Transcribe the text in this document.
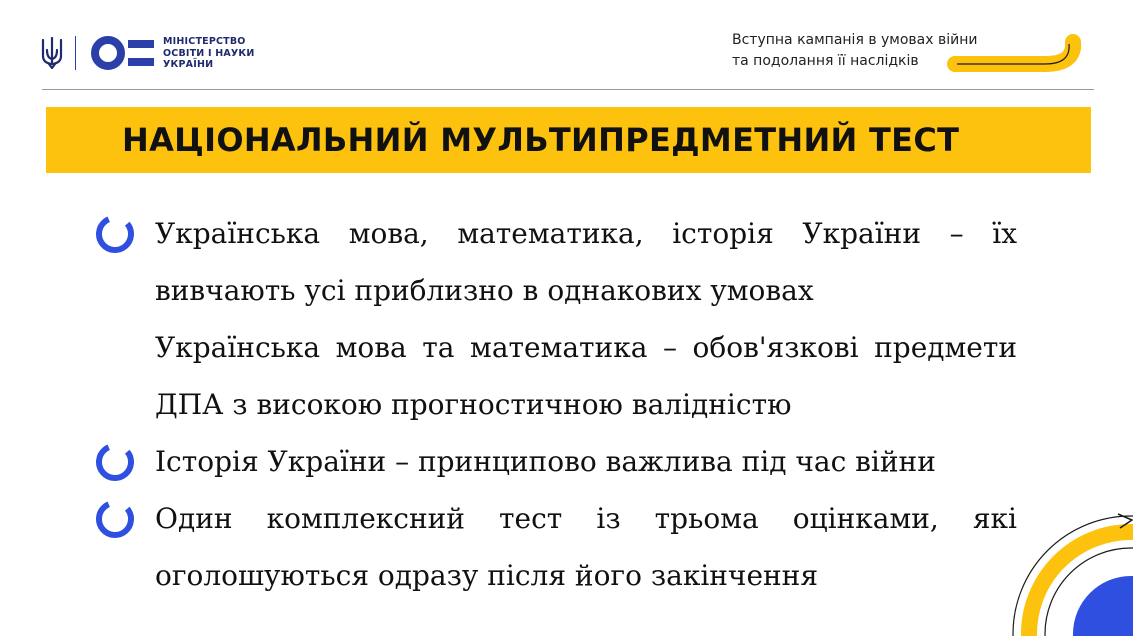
МІНІСТЕРСТВО
ОСВІТИ І НАУКИ
УКРАЇНИ
Вступна кампанія в умовах війни
та подолання її наслідків
НАЦІОНАЛЬНИЙ МУЛЬТИПРЕДМЕТНИЙ ТЕСТ
Українська мова, математика, історія України – їх
вивчають усі приблизно в однакових умовах
Українська мова та математика – обов'язкові предмети
ДПА з високою прогностичною валідністю
Історія України – принципово важлива під час війни
Один комплексний тест із трьома оцінками, які
оголошуються одразу після його закінчення
